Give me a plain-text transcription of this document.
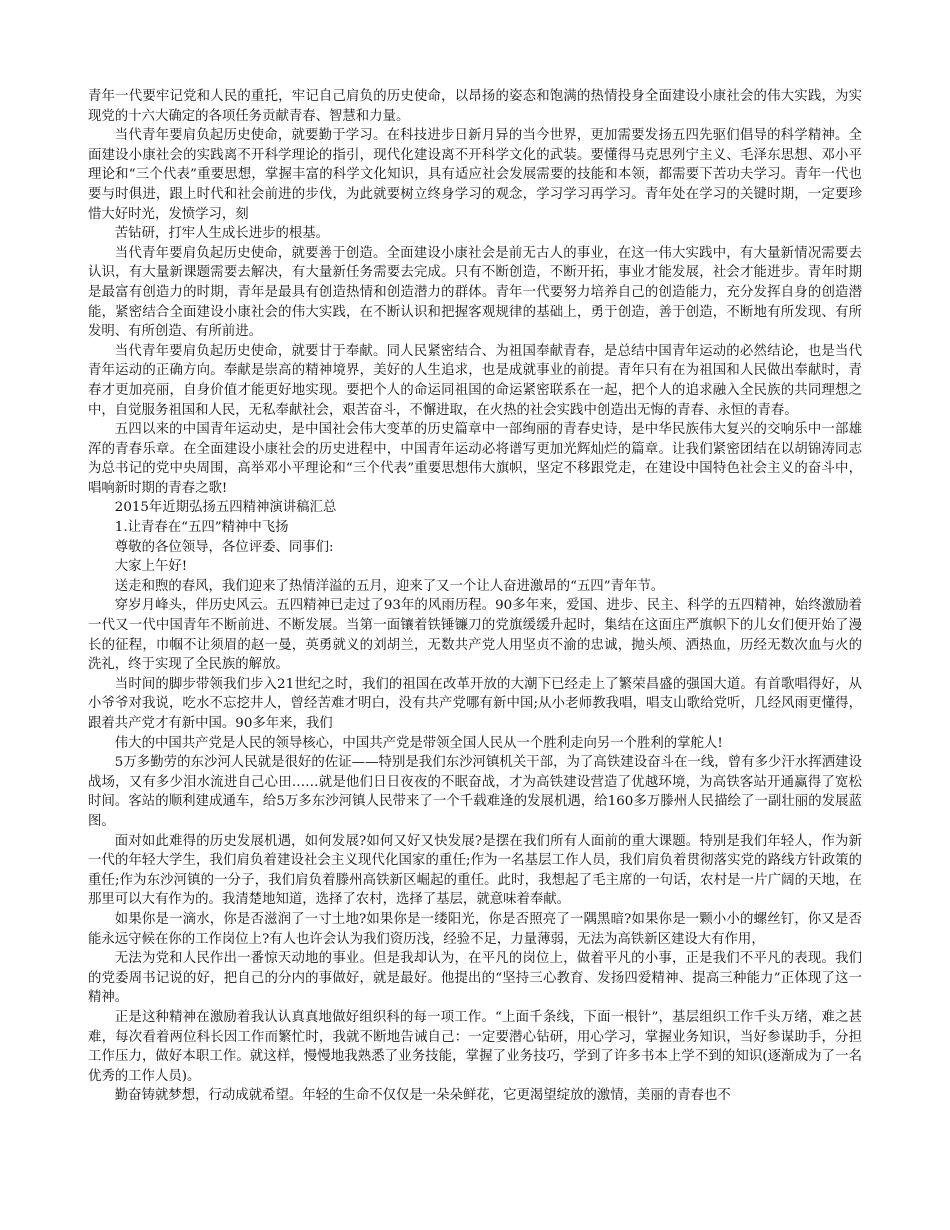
青年一代要牢记党和人民的重托，牢记自己肩负的历史使命，以昂扬的姿态和饱满的热情投身全面建设小康社会的伟大实践，为实现党的十六大确定的各项任务贡献青春、智慧和力量。

当代青年要肩负起历史使命，就要勤于学习。在科技进步日新月异的当今世界，更加需要发扬五四先驱们倡导的科学精神。全面建设小康社会的实践离不开科学理论的指引，现代化建设离不开科学文化的武装。要懂得马克思列宁主义、毛泽东思想、邓小平理论和“三个代表”重要思想，掌握丰富的科学文化知识，具有适应社会发展需要的技能和本领，都需要下苦功夫学习。青年一代也要与时俱进，跟上时代和社会前进的步伐，为此就要树立终身学习的观念，学习学习再学习。青年处在学习的关键时期，一定要珍惜大好时光，发愤学习，刻

苦钻研，打牢人生成长进步的根基。

当代青年要肩负起历史使命，就要善于创造。全面建设小康社会是前无古人的事业，在这一伟大实践中，有大量新情况需要去认识，有大量新课题需要去解决，有大量新任务需要去完成。只有不断创造，不断开拓，事业才能发展，社会才能进步。青年时期是最富有创造力的时期，青年是最具有创造热情和创造潜力的群体。青年一代要努力培养自己的创造能力，充分发挥自身的创造潜能，紧密结合全面建设小康社会的伟大实践，在不断认识和把握客观规律的基础上，勇于创造，善于创造，不断地有所发现、有所发明、有所创造、有所前进。

当代青年要肩负起历史使命，就要甘于奉献。同人民紧密结合、为祖国奉献青春，是总结中国青年运动的必然结论，也是当代青年运动的正确方向。奉献是崇高的精神境界，美好的人生追求，也是成就事业的前提。青年只有在为祖国和人民做出奉献时，青春才更加亮丽，自身价值才能更好地实现。要把个人的命运同祖国的命运紧密联系在一起，把个人的追求融入全民族的共同理想之中，自觉服务祖国和人民，无私奉献社会，艰苦奋斗，不懈进取，在火热的社会实践中创造出无悔的青春、永恒的青春。

五四以来的中国青年运动史，是中国社会伟大变革的历史篇章中一部绚丽的青春史诗，是中华民族伟大复兴的交响乐中一部雄浑的青春乐章。在全面建设小康社会的历史进程中，中国青年运动必将谱写更加光辉灿烂的篇章。让我们紧密团结在以胡锦涛同志为总书记的党中央周围，高举邓小平理论和“三个代表”重要思想伟大旗帜，坚定不移跟党走，在建设中国特色社会主义的奋斗中，唱响新时期的青春之歌!

2015年近期弘扬五四精神演讲稿汇总

1.让青春在“五四”精神中飞扬

尊敬的各位领导，各位评委、同事们:

大家上午好!

送走和煦的春风，我们迎来了热情洋溢的五月，迎来了又一个让人奋进激昂的“五四”青年节。

穿岁月峰头，伴历史风云。五四精神已走过了93年的风雨历程。90多年来，爱国、进步、民主、科学的五四精神，始终激励着一代又一代中国青年不断前进、不断发展。当第一面镶着铁锤镰刀的党旗缓缓升起时，集结在这面庄严旗帜下的儿女们便开始了漫长的征程，巾帼不让须眉的赵一曼，英勇就义的刘胡兰，无数共产党人用坚贞不渝的忠诚，抛头颅、洒热血，历经无数次血与火的洗礼，终于实现了全民族的解放。

当时间的脚步带领我们步入21世纪之时，我们的祖国在改革开放的大潮下已经走上了繁荣昌盛的强国大道。有首歌唱得好，从小爷爷对我说，吃水不忘挖井人，曾经苦难才明白，没有共产党哪有新中国;从小老师教我唱，唱支山歌给党听，几经风雨更懂得，跟着共产党才有新中国。90多年来，我们

伟大的中国共产党是人民的领导核心，中国共产党是带领全国人民从一个胜利走向另一个胜利的掌舵人!

5万多勤劳的东沙河人民就是很好的佐证——特别是我们东沙河镇机关干部，为了高铁建设奋斗在一线，曾有多少汗水挥洒建设战场，又有多少泪水流进自己心田……就是他们日日夜夜的不眠奋战，才为高铁建设营造了优越环境，为高铁客站开通赢得了宽松时间。客站的顺利建成通车，给5万多东沙河镇人民带来了一个千载难逢的发展机遇，给160多万滕州人民描绘了一副壮丽的发展蓝图。

面对如此难得的历史发展机遇，如何发展?如何又好又快发展?是摆在我们所有人面前的重大课题。特别是我们年轻人，作为新一代的年轻大学生，我们肩负着建设社会主义现代化国家的重任;作为一名基层工作人员，我们肩负着贯彻落实党的路线方针政策的重任;作为东沙河镇的一分子，我们肩负着滕州高铁新区崛起的重任。此时，我想起了毛主席的一句话，农村是一片广阔的天地，在那里可以大有作为的。我清楚地知道，选择了农村，选择了基层，就意味着奉献。

如果你是一滴水，你是否滋润了一寸土地?如果你是一缕阳光，你是否照亮了一隅黑暗?如果你是一颗小小的螺丝钉，你又是否能永远守候在你的工作岗位上?有人也许会认为我们资历浅，经验不足，力量薄弱，无法为高铁新区建设大有作用，

无法为党和人民作出一番惊天动地的事业。但是我却认为，在平凡的岗位上，做着平凡的小事，正是我们不平凡的表现。我们的党委周书记说的好，把自己的分内的事做好，就是最好。他提出的“坚持三心教育、发扬四爱精神、提高三种能力”正体现了这一精神。

正是这种精神在激励着我认认真真地做好组织科的每一项工作。“上面千条线，下面一根针”，基层组织工作千头万绪，难之甚难，每次看着两位科长因工作而繁忙时，我就不断地告诫自己：一定要潜心钻研，用心学习，掌握业务知识，当好参谋助手，分担工作压力，做好本职工作。就这样，慢慢地我熟悉了业务技能，掌握了业务技巧，学到了许多书本上学不到的知识(逐渐成为了一名优秀的工作人员)。

勤奋铸就梦想，行动成就希望。年轻的生命不仅仅是一朵朵鲜花，它更渴望绽放的激情，美丽的青春也不
